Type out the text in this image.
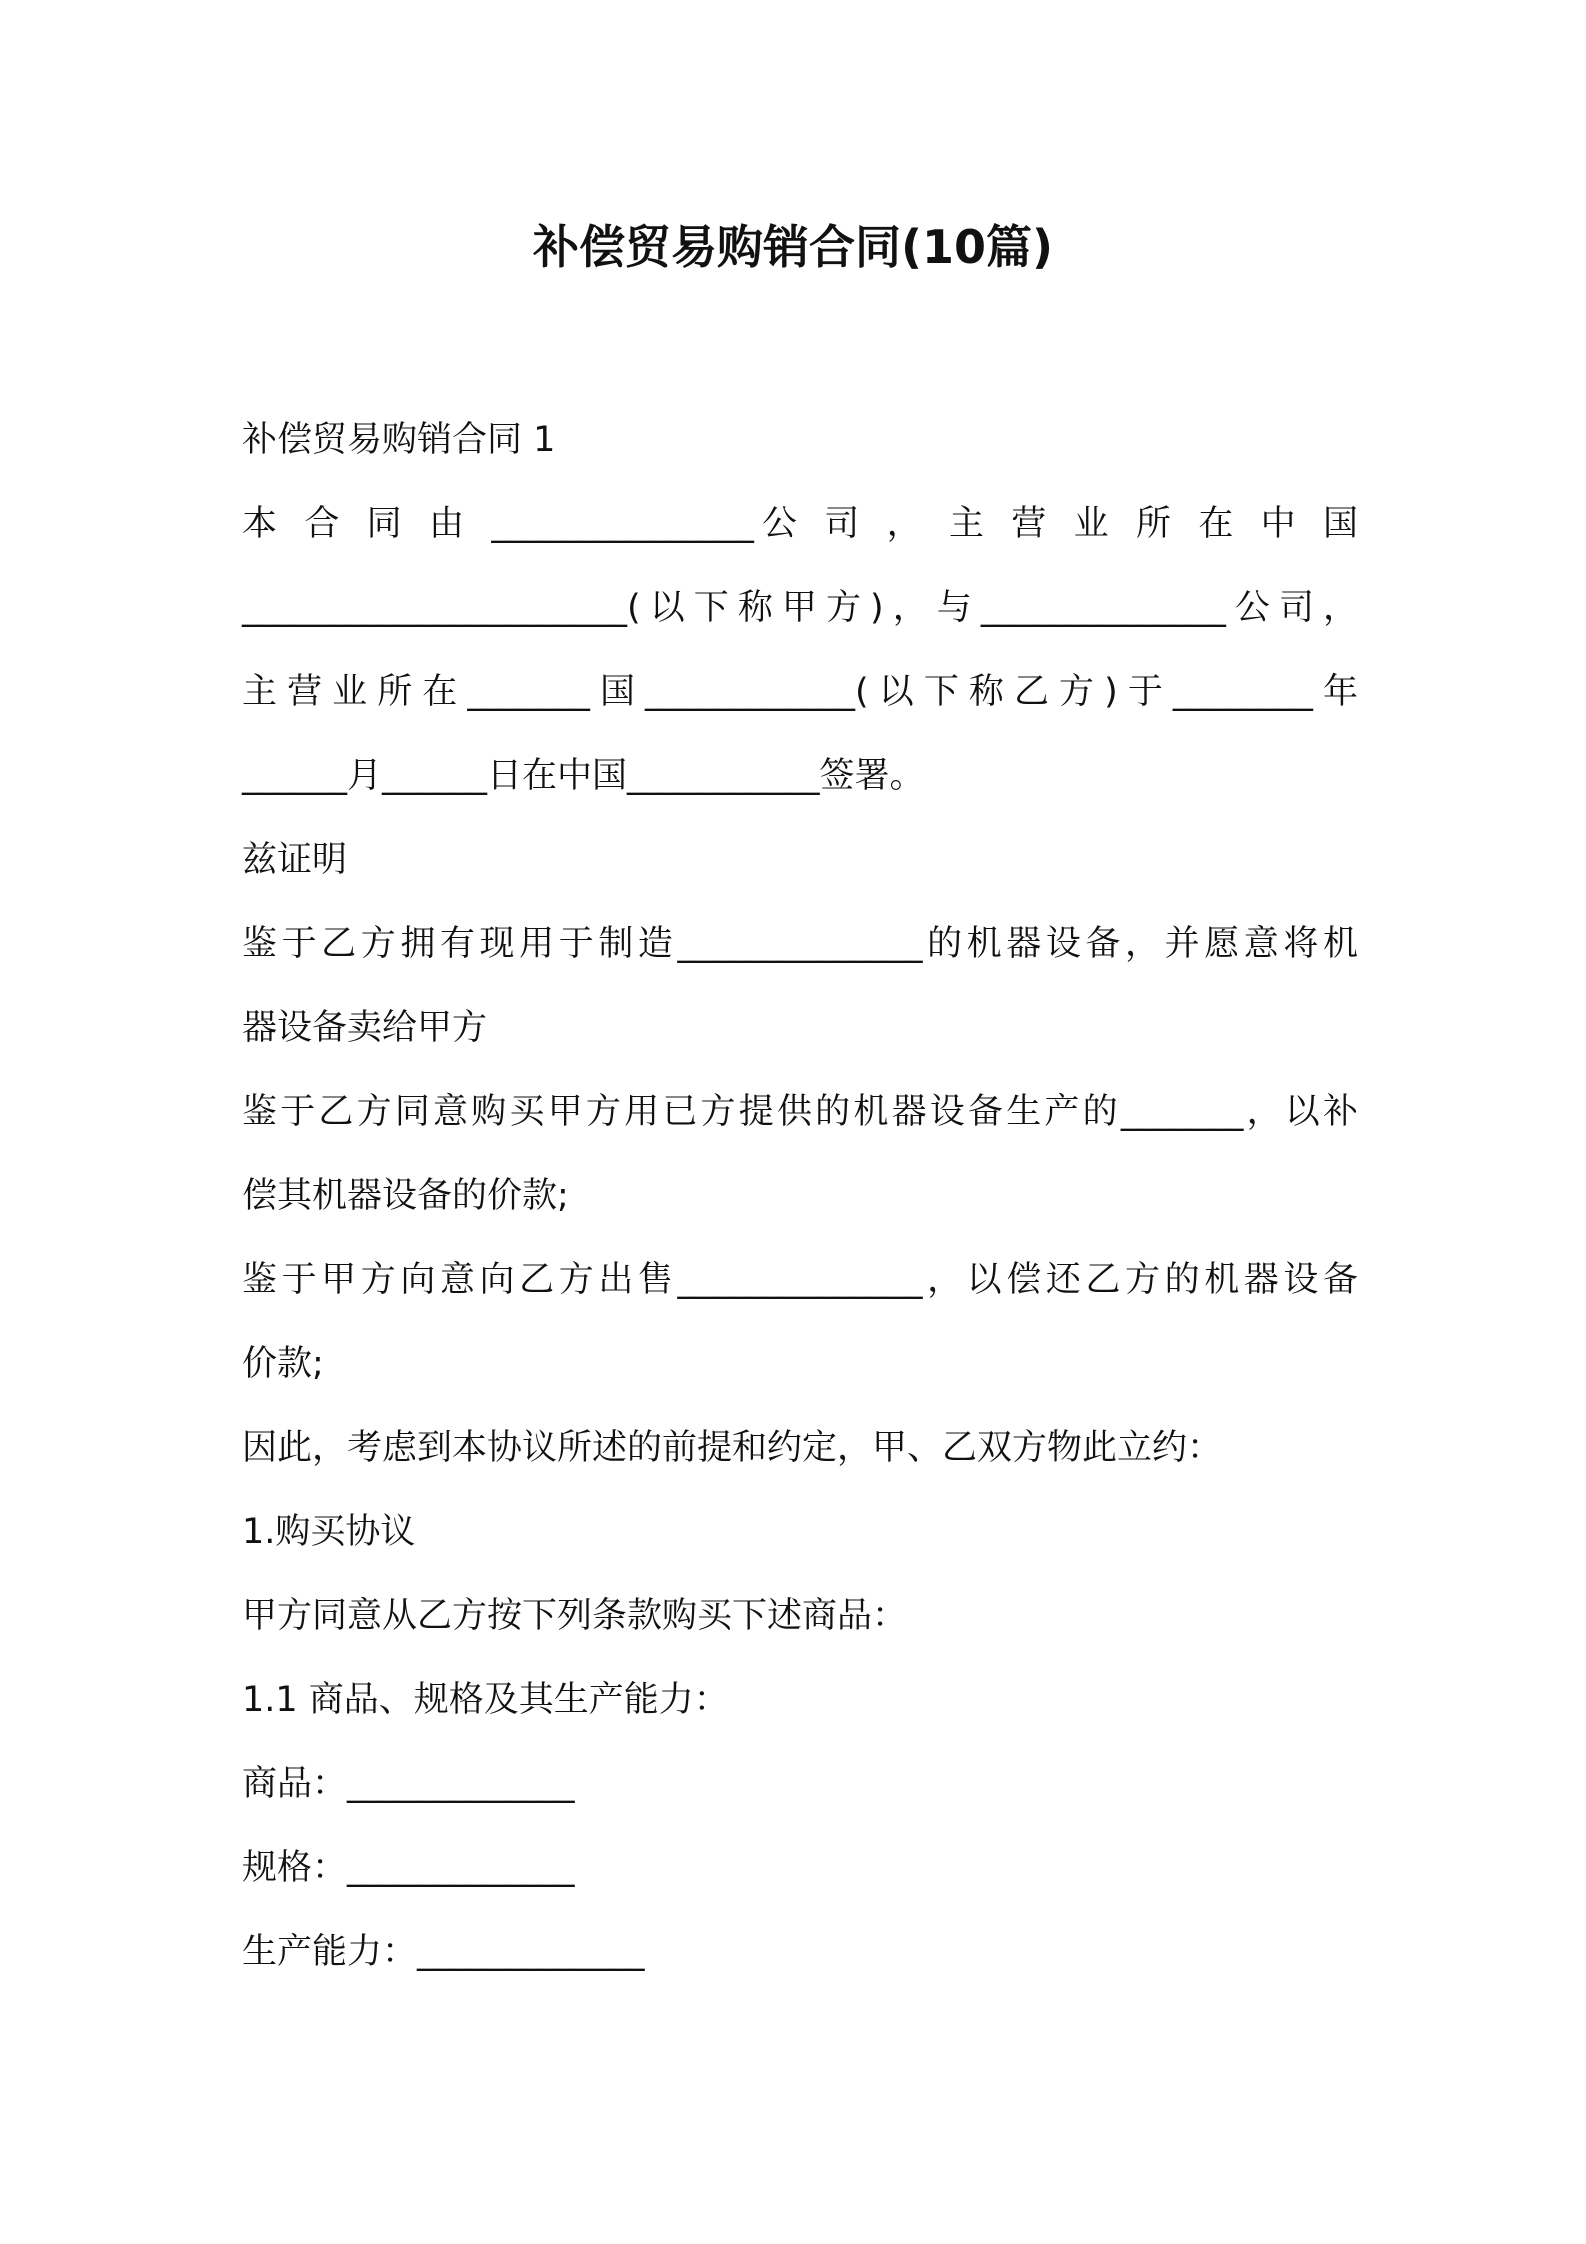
补偿贸易购销合同(10篇)

补偿贸易购销合同 1

本 合 同 由 _______________公 司 ， 主 营 业 所 在 中 国

______________________(以下称甲方)，与______________公司，

主营业所在_______国____________(以下称乙方)于________年

______月______日在中国___________签署。

兹证明

鉴于乙方拥有现用于制造______________的机器设备，并愿意将机

器设备卖给甲方

鉴于乙方同意购买甲方用已方提供的机器设备生产的_______，以补

偿其机器设备的价款;

鉴于甲方向意向乙方出售______________，以偿还乙方的机器设备

价款;

因此，考虑到本协议所述的前提和约定，甲、乙双方物此立约：

1.购买协议

甲方同意从乙方按下列条款购买下述商品：

1.1 商品、规格及其生产能力：

商品：_____________

规格：_____________

生产能力：_____________
